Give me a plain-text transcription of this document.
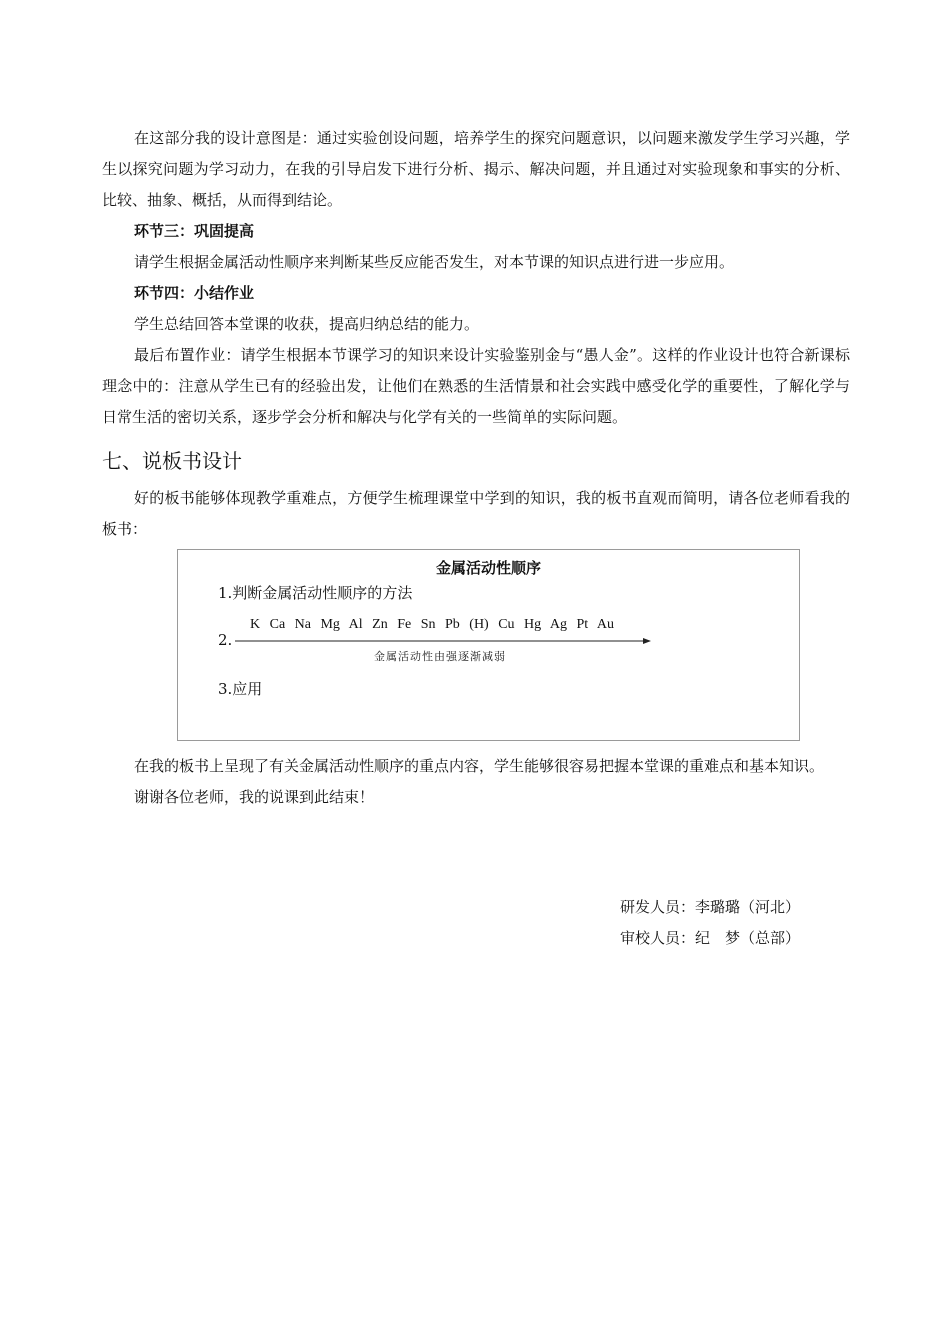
在这部分我的设计意图是：通过实验创设问题，培养学生的探究问题意识，以问题来激发学生学习兴趣，学生以探究问题为学习动力，在我的引导启发下进行分析、揭示、解决问题，并且通过对实验现象和事实的分析、比较、抽象、概括，从而得到结论。

环节三：巩固提高

请学生根据金属活动性顺序来判断某些反应能否发生，对本节课的知识点进行进一步应用。

环节四：小结作业

学生总结回答本堂课的收获，提高归纳总结的能力。

最后布置作业：请学生根据本节课学习的知识来设计实验鉴别金与“愚人金”。这样的作业设计也符合新课标理念中的：注意从学生已有的经验出发，让他们在熟悉的生活情景和社会实践中感受化学的重要性，了解化学与日常生活的密切关系，逐步学会分析和解决与化学有关的一些简单的实际问题。

七、说板书设计

好的板书能够体现教学重难点，方便学生梳理课堂中学到的知识，我的板书直观而简明，请各位老师看我的板书：

金属活动性顺序
1.判断金属活动性顺序的方法
2.
K Ca Na Mg Al Zn Fe Sn Pb (H) Cu Hg Ag Pt Au
金属活动性由强逐渐减弱
3.应用

在我的板书上呈现了有关金属活动性顺序的重点内容，学生能够很容易把握本堂课的重难点和基本知识。

谢谢各位老师，我的说课到此结束！

研发人员：李璐璐（河北）
审校人员：纪　梦（总部）
